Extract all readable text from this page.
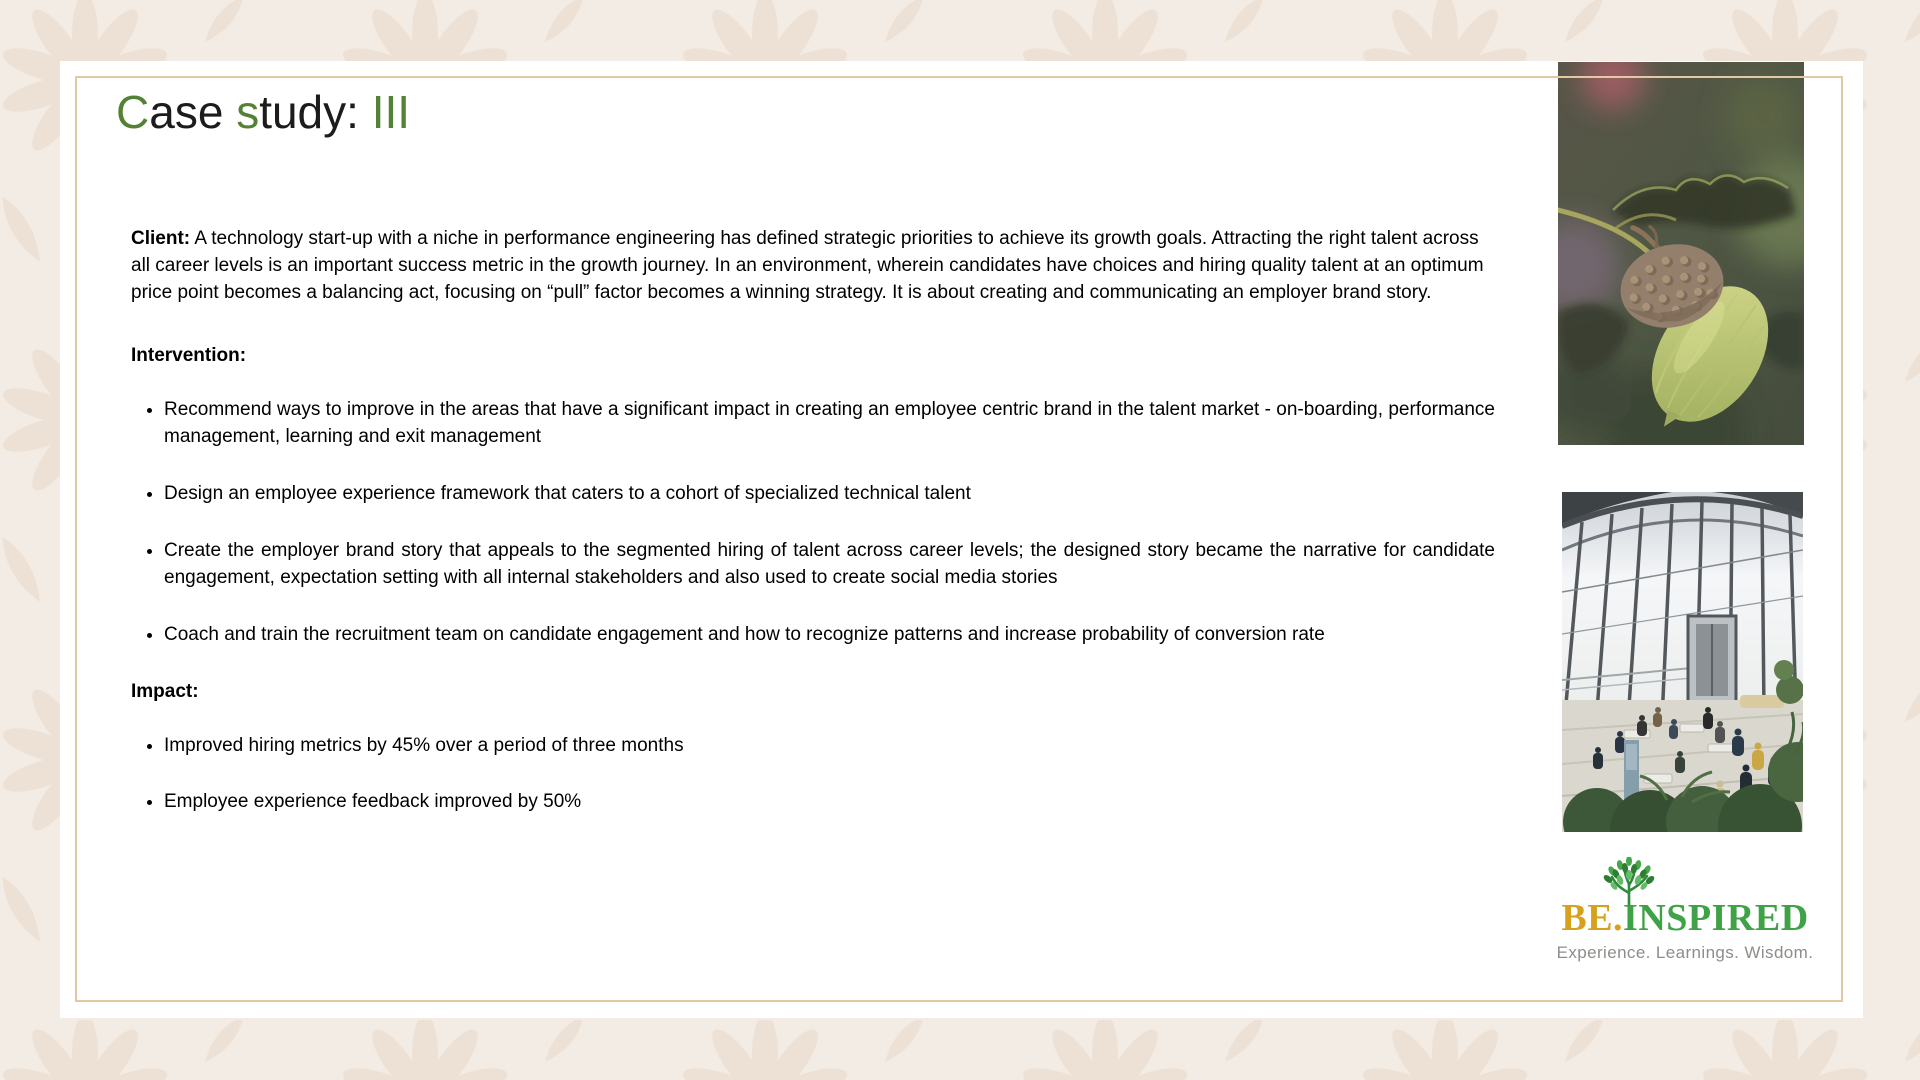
Case study: III

Client: A technology start-up with a niche in performance engineering has defined strategic priorities to achieve its growth goals. Attracting the right talent across all career levels is an important success metric in the growth journey. In an environment, wherein candidates have choices and hiring quality talent at an optimum price point becomes a balancing act, focusing on “pull” factor becomes a winning strategy. It is about creating and communicating an employer brand story.

Intervention:

• Recommend ways to improve in the areas that have a significant impact in creating an employee centric brand in the talent market - on-boarding, performance management, learning and exit management
• Design an employee experience framework that caters to a cohort of specialized technical talent
• Create the employer brand story that appeals to the segmented hiring of talent across career levels; the designed story became the narrative for candidate engagement, expectation setting with all internal stakeholders and also used to create social media stories
• Coach and train the recruitment team on candidate engagement and how to recognize patterns and increase probability of conversion rate

Impact:

• Improved hiring metrics by 45% over a period of three months
• Employee experience feedback improved by 50%
BE.INSPIRED
Experience. Learnings. Wisdom.
